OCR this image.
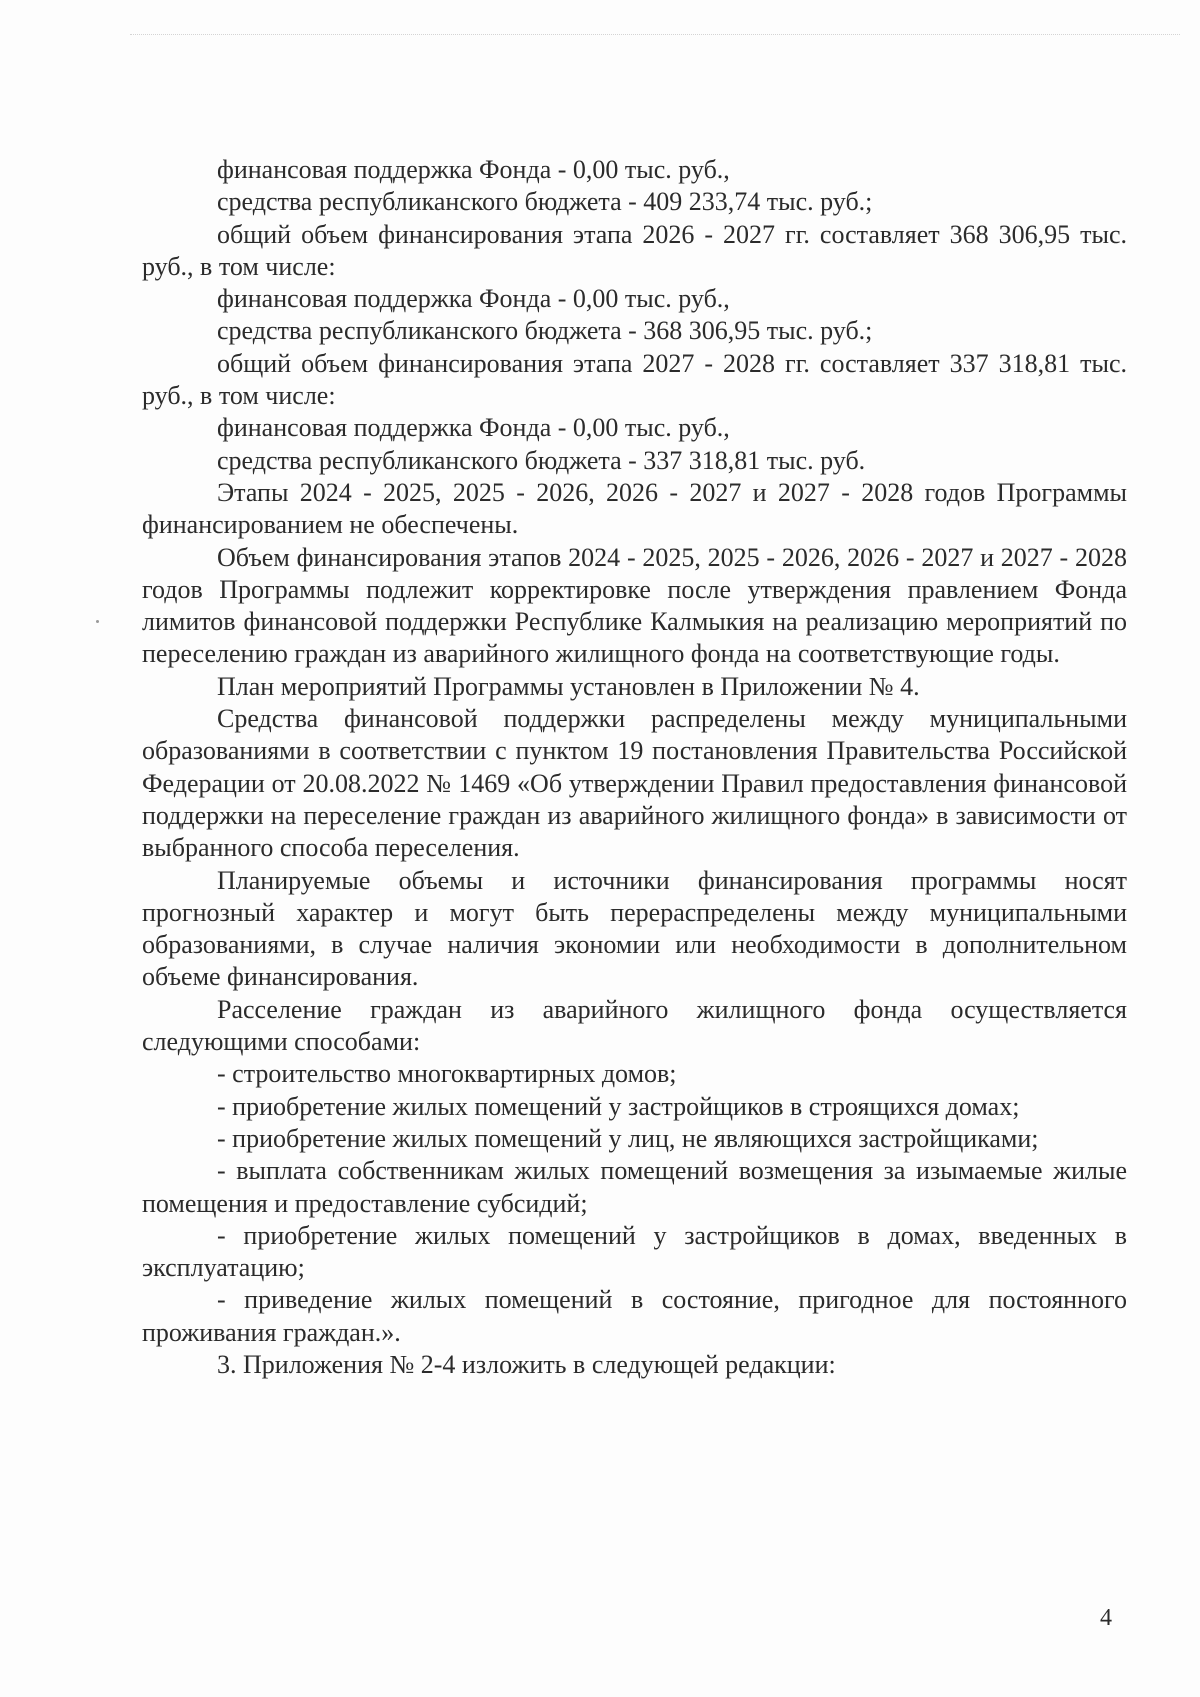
финансовая поддержка Фонда - 0,00 тыс. руб.,

средства республиканского бюджета - 409 233,74 тыс. руб.;

общий объем финансирования этапа 2026 - 2027 гг. составляет 368 306,95 тыс. руб., в том числе:

финансовая поддержка Фонда - 0,00 тыс. руб.,

средства республиканского бюджета - 368 306,95 тыс. руб.;

общий объем финансирования этапа 2027 - 2028 гг. составляет 337 318,81 тыс. руб., в том числе:

финансовая поддержка Фонда - 0,00 тыс. руб.,

средства республиканского бюджета - 337 318,81 тыс. руб.

Этапы 2024 - 2025, 2025 - 2026, 2026 - 2027 и 2027 - 2028 годов Программы финансированием не обеспечены.

Объем финансирования этапов 2024 - 2025, 2025 - 2026, 2026 - 2027 и 2027 - 2028 годов Программы подлежит корректировке после утверждения правлением Фонда лимитов финансовой поддержки Республике Калмыкия на реализацию мероприятий по переселению граждан из аварийного жилищного фонда на соответствующие годы.

План мероприятий Программы установлен в Приложении № 4.

Средства финансовой поддержки распределены между муниципальными образованиями в соответствии с пунктом 19 постановления Правительства Российской Федерации от 20.08.2022 № 1469 «Об утверждении Правил предоставления финансовой поддержки на переселение граждан из аварийного жилищного фонда» в зависимости от выбранного способа переселения.

Планируемые объемы и источники финансирования программы носят прогнозный характер и могут быть перераспределены между муниципальными образованиями, в случае наличия экономии или необходимости в дополнительном объеме финансирования.

Расселение граждан из аварийного жилищного фонда осуществляется следующими способами:

- строительство многоквартирных домов;

- приобретение жилых помещений у застройщиков в строящихся домах;

- приобретение жилых помещений у лиц, не являющихся застройщиками;

- выплата собственникам жилых помещений возмещения за изымаемые жилые помещения и предоставление субсидий;

- приобретение жилых помещений у застройщиков в домах, введенных в эксплуатацию;

- приведение жилых помещений в состояние, пригодное для постоянного проживания граждан.».

3. Приложения № 2-4 изложить в следующей редакции:

4
